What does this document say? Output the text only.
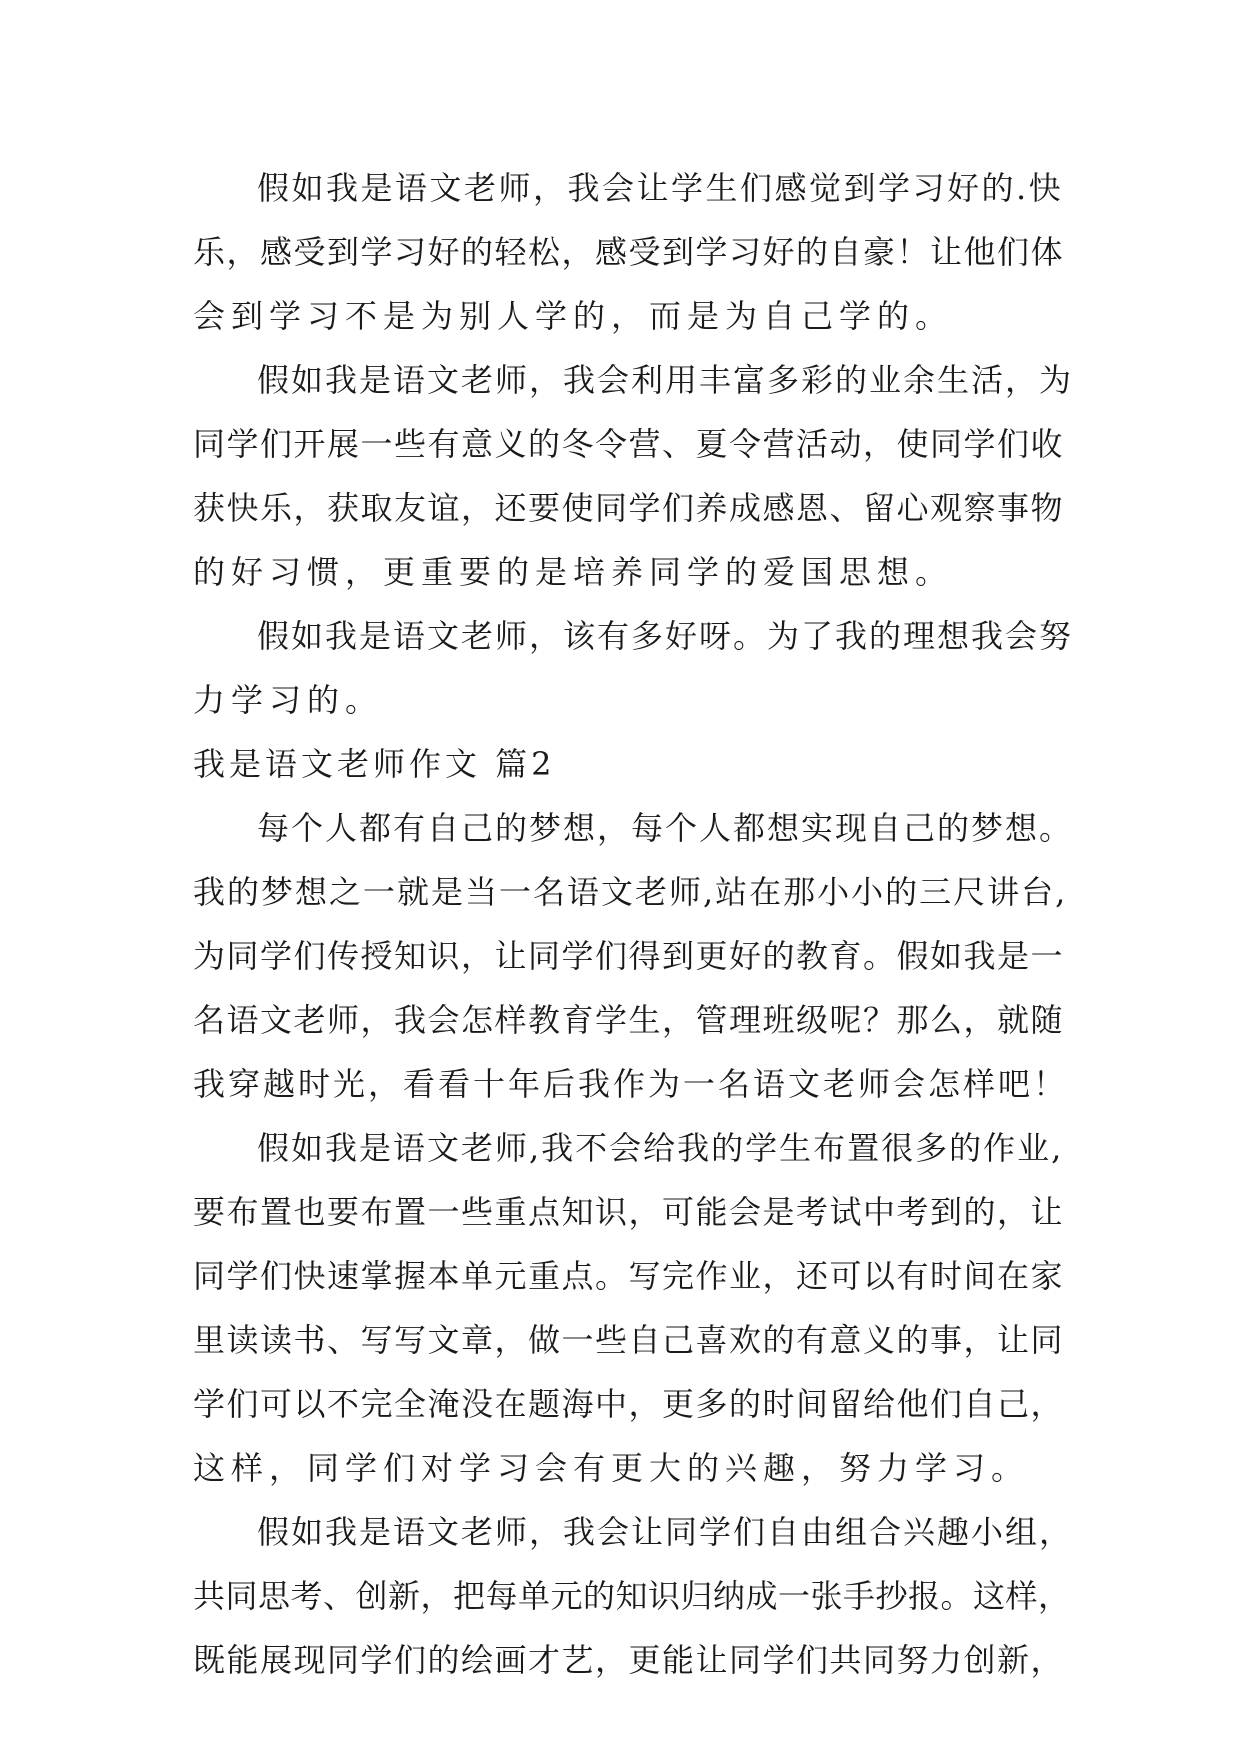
假如我是语文老师，我会让学生们感觉到学习好的.快
乐，感受到学习好的轻松，感受到学习好的自豪！让他们体
会到学习不是为别人学的，而是为自己学的。
假如我是语文老师，我会利用丰富多彩的业余生活，为
同学们开展一些有意义的冬令营、夏令营活动，使同学们收
获快乐，获取友谊，还要使同学们养成感恩、留心观察事物
的好习惯，更重要的是培养同学的爱国思想。
假如我是语文老师，该有多好呀。为了我的理想我会努
力学习的。
我是语文老师作文 篇2
每个人都有自己的梦想，每个人都想实现自己的梦想。
我的梦想之一就是当一名语文老师,站在那小小的三尺讲台,
为同学们传授知识，让同学们得到更好的教育。假如我是一
名语文老师，我会怎样教育学生，管理班级呢？那么，就随
我穿越时光，看看十年后我作为一名语文老师会怎样吧！
假如我是语文老师,我不会给我的学生布置很多的作业,
要布置也要布置一些重点知识，可能会是考试中考到的，让
同学们快速掌握本单元重点。写完作业，还可以有时间在家
里读读书、写写文章，做一些自己喜欢的有意义的事，让同
学们可以不完全淹没在题海中，更多的时间留给他们自己，
这样，同学们对学习会有更大的兴趣，努力学习。
假如我是语文老师，我会让同学们自由组合兴趣小组，
共同思考、创新，把每单元的知识归纳成一张手抄报。这样，
既能展现同学们的绘画才艺，更能让同学们共同努力创新，
